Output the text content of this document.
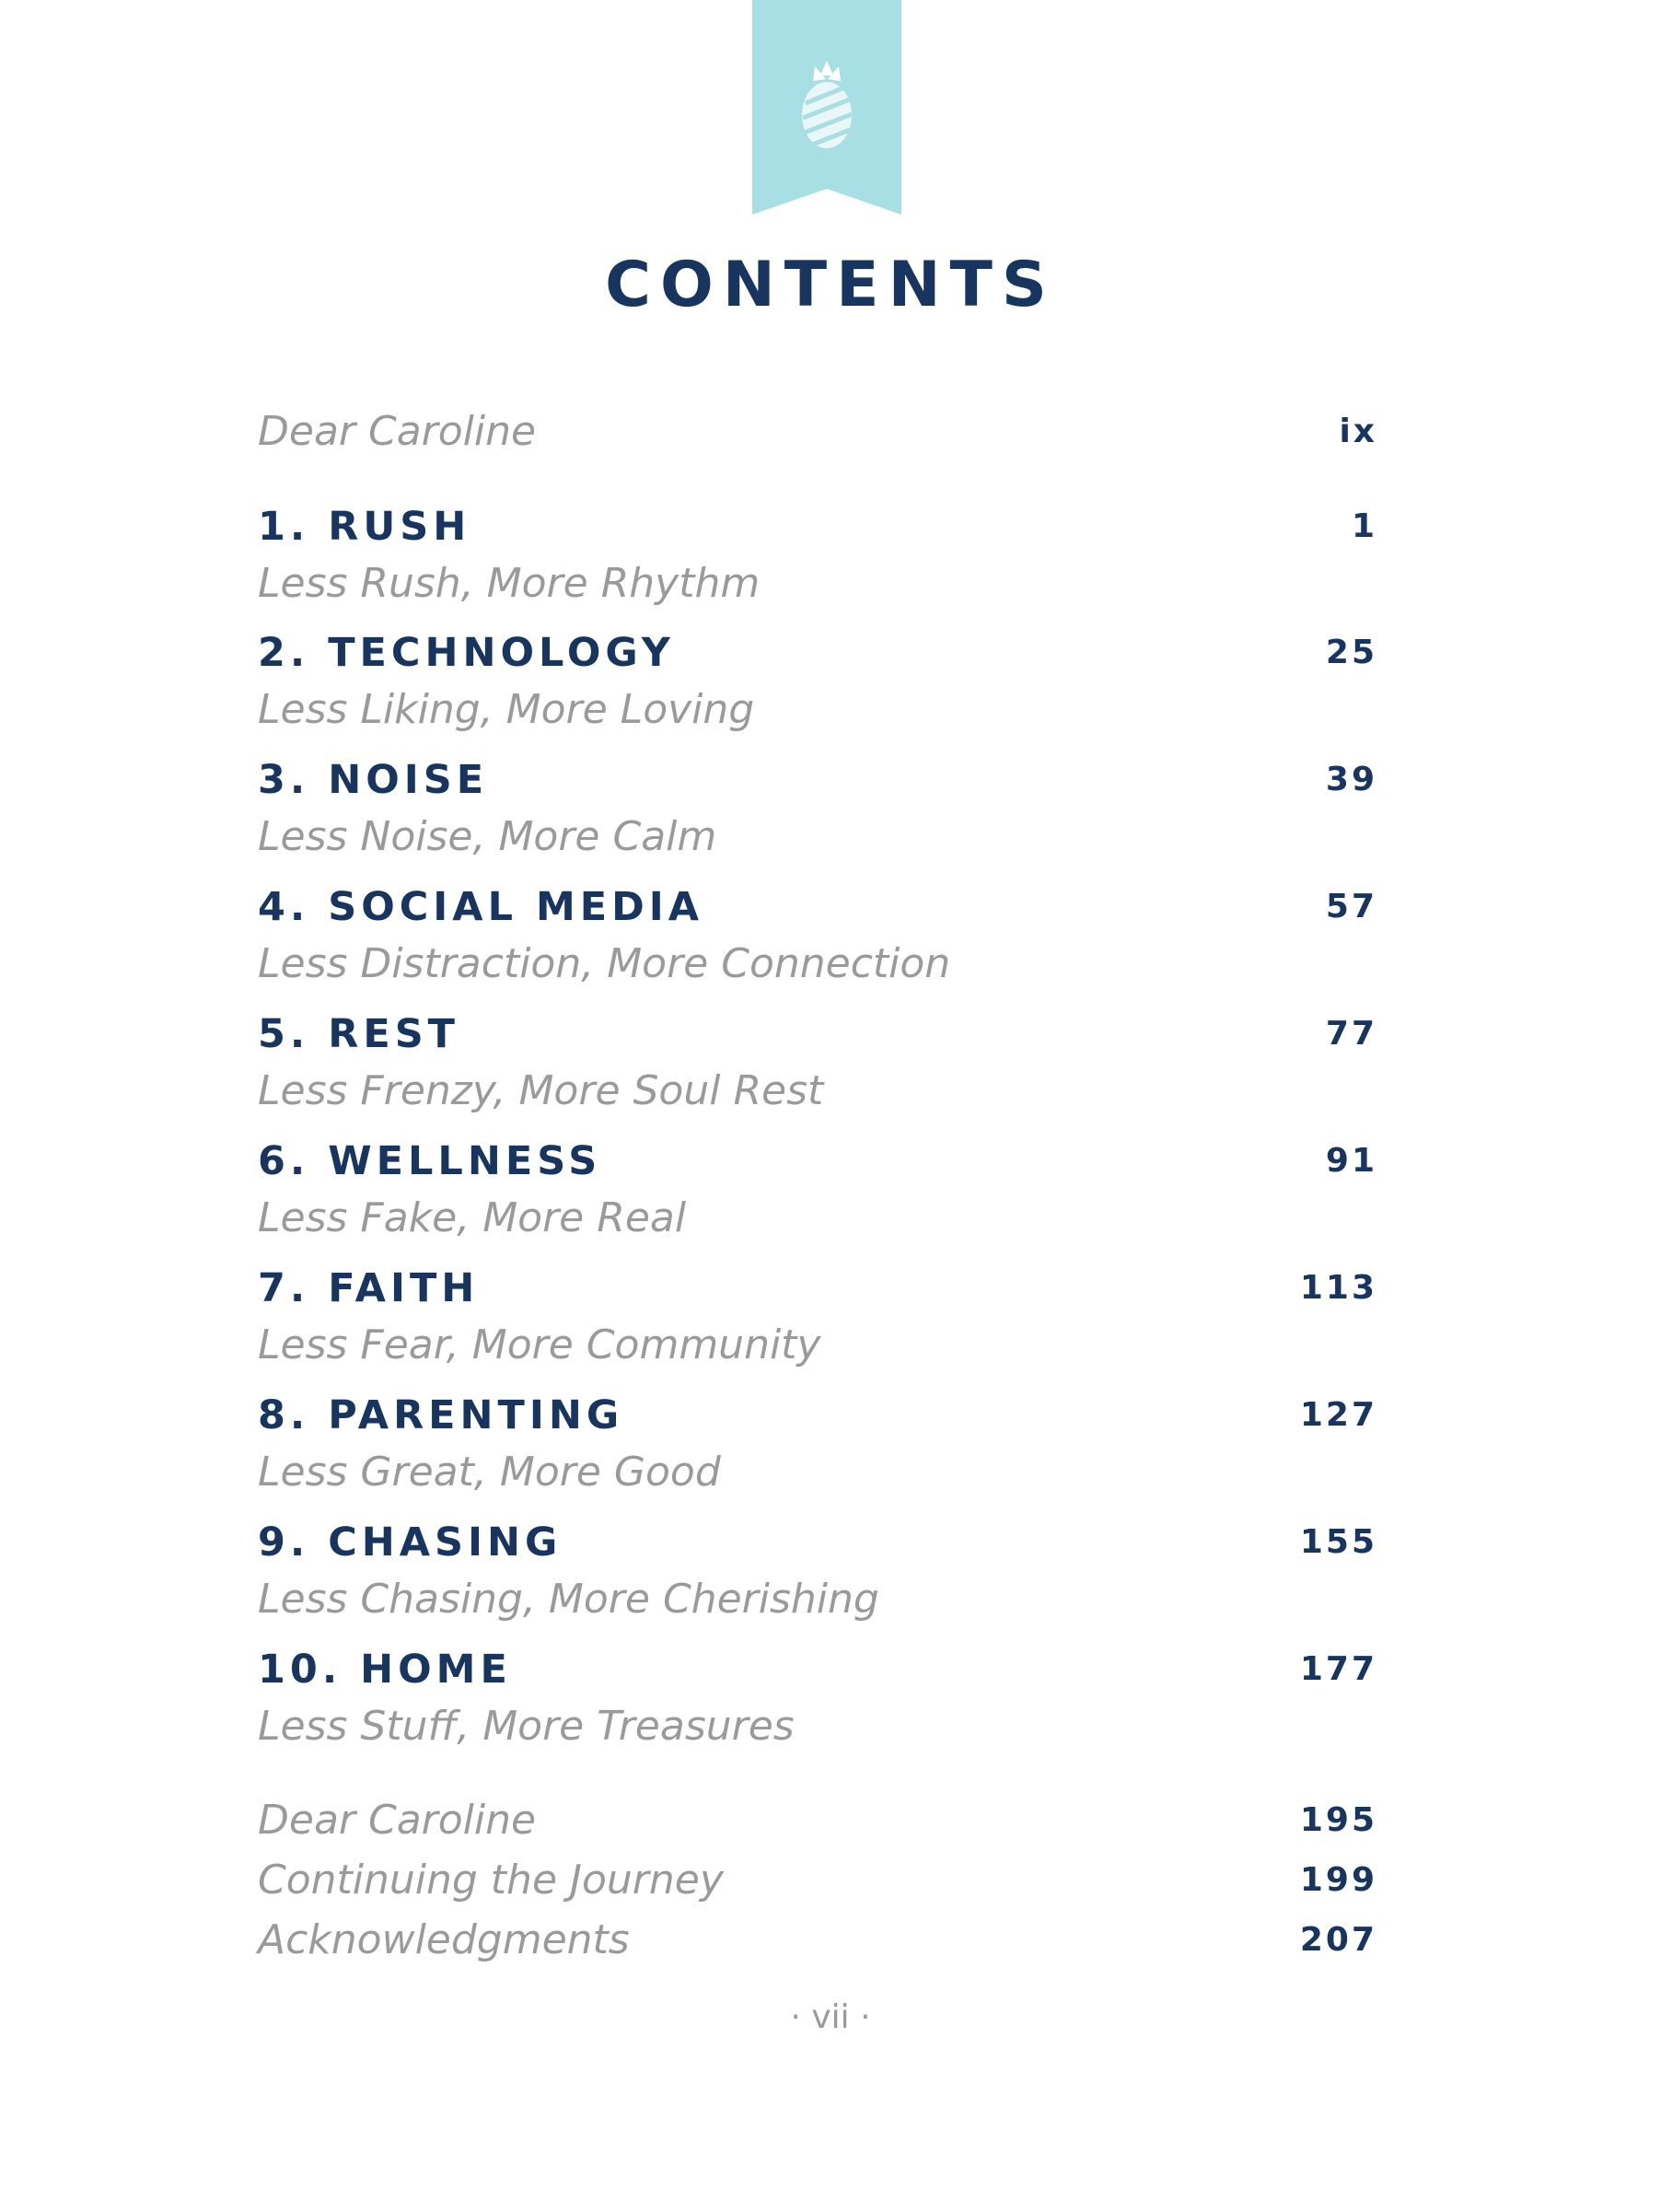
CONTENTS
Dear Caroline	ix
1. RUSH	1
Less Rush, More Rhythm
2. TECHNOLOGY	25
Less Liking, More Loving
3. NOISE	39
Less Noise, More Calm
4. SOCIAL MEDIA	57
Less Distraction, More Connection
5. REST	77
Less Frenzy, More Soul Rest
6. WELLNESS	91
Less Fake, More Real
7. FAITH	113
Less Fear, More Community
8. PARENTING	127
Less Great, More Good
9. CHASING	155
Less Chasing, More Cherishing
10. HOME	177
Less Stuff, More Treasures
Dear Caroline	195
Continuing the Journey	199
Acknowledgments	207
· vii ·
